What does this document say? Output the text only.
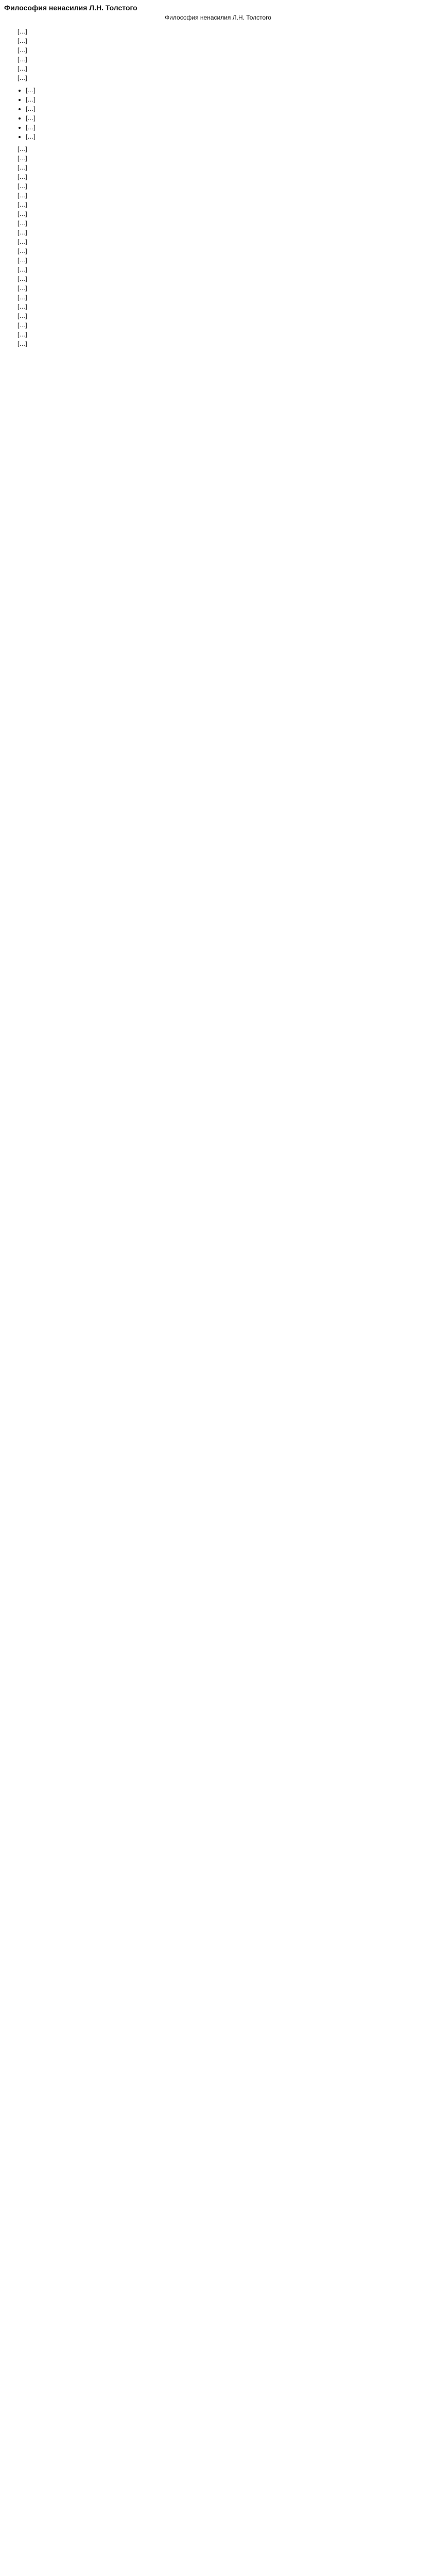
Философия ненасилия Л.Н. Толстого
Философия ненасилия Л.Н. Толстого

[…]

[…]

[…]

[…]

[…]

[…]

• […]
• […]
• […]
• […]
• […]
• […]

[…]

[…]

[…]

[…]

[…]

[…]

[…]

[…]

[…]

[…]

[…]

[…]

[…]

[…]

[…]

[…]

[…]

[…]

[…]

[…]

[…]

[…]
